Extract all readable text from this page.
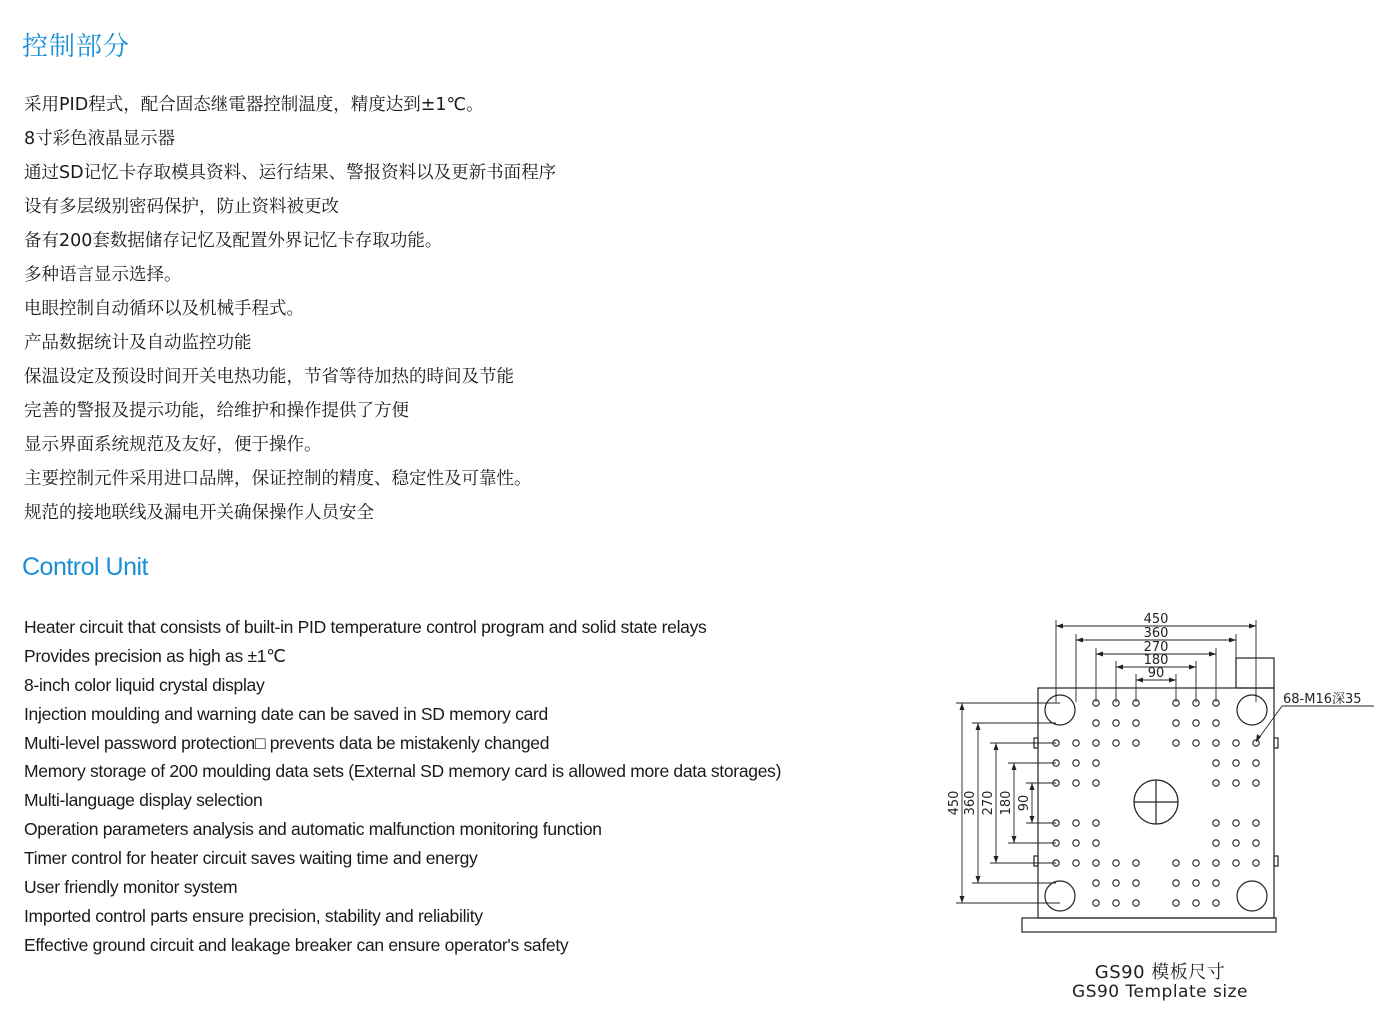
控制部分
采用PID程式，配合固态继電器控制温度，精度达到±1℃。
8寸彩色液晶显示器
通过SD记忆卡存取模具资料、运行结果、警报资料以及更新书面程序
设有多层级别密码保护，防止资料被更改
备有200套数据储存记忆及配置外界记忆卡存取功能。
多种语言显示选择。
电眼控制自动循环以及机械手程式。
产品数据统计及自动监控功能
保温设定及预设时间开关电热功能，节省等待加热的時间及节能
完善的警报及提示功能，给维护和操作提供了方便
显示界面系统规范及友好，便于操作。
主要控制元件采用进口品牌，保证控制的精度、稳定性及可靠性。
规范的接地联线及漏电开关确保操作人员安全
Control Unit
Heater circuit that consists of built-in PID temperature control program and solid state relays
Provides precision as high as ±1℃
8-inch color liquid crystal display
Injection moulding and warning date can be saved in SD memory card
Multi-level password protection□ prevents data be mistakenly changed
Memory storage of 200 moulding data sets (External SD memory card is allowed more data storages)
Multi-language display selection
Operation parameters analysis and automatic malfunction monitoring function
Timer control for heater circuit saves waiting time and energy
User friendly monitor system
Imported control parts ensure precision, stability and reliability
Effective ground circuit and leakage breaker can ensure operator's safety
450
360
270
180
90
450 360 270 180 90
68-M16深35
GS90 模板尺寸
GS90 Template size
